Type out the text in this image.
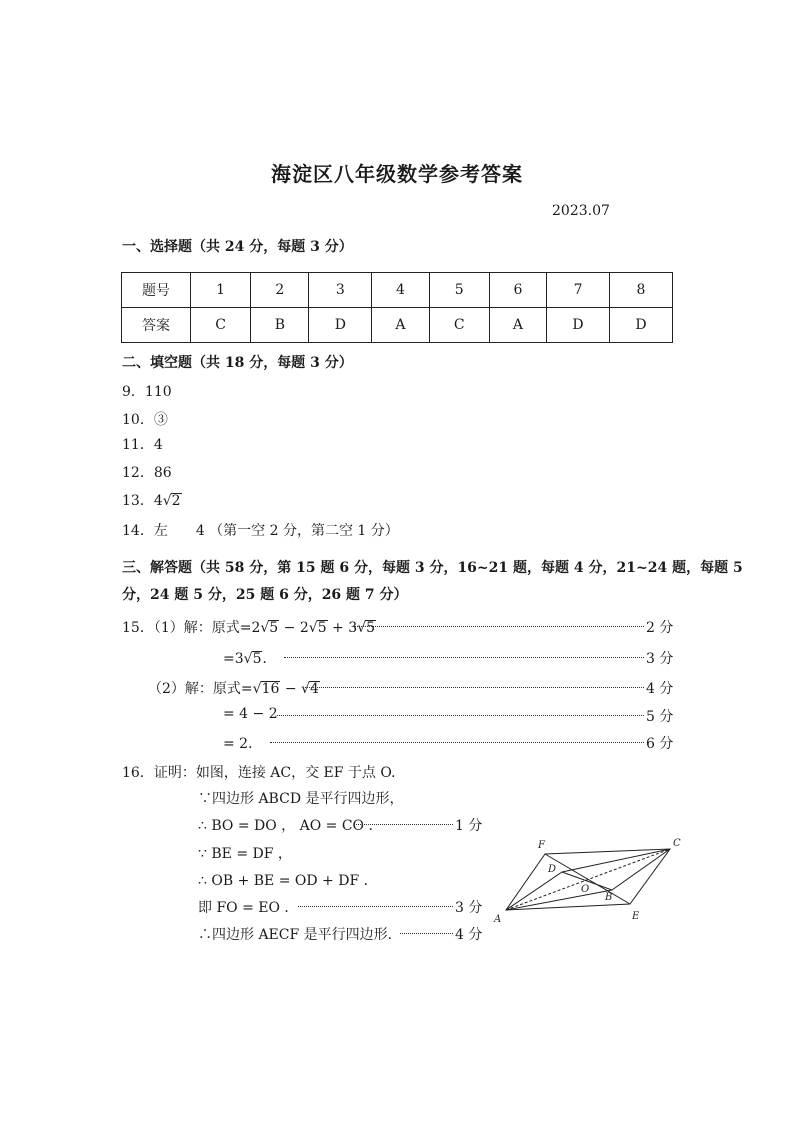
海淀区八年级数学参考答案
2023.07
一、选择题（共 24 分，每题 3 分）
题号	1	2	3	4	5	6	7	8
答案	C	B	D	A	C	A	D	D
二、填空题（共 18 分，每题 3 分）
9．110
10．③
11．4
12．86
13．4√2
14．左　　4 （第一空 2 分，第二空 1 分）
三、解答题（共 58 分，第 15 题 6 分，每题 3 分，16~21 题，每题 4 分，21~24 题，每题 5
分，24 题 5 分，25 题 6 分，26 题 7 分）
15．（1）解：原式=2√5 − 2√5 + 3√5	2 分
=3√5．	3 分
（2）解：原式=√16 − √4	4 分
= 4 − 2	5 分
= 2．	6 分
16．证明：如图，连接 AC，交 EF 于点 O.
∵四边形 ABCD 是平行四边形，
∴ BO = DO ， AO = CO ．	1 分
∵ BE = DF ，
∴ OB + BE = OD + DF ．
即 FO = EO ．	3 分
∴四边形 AECF 是平行四边形.	4 分
A
B
C
D
E
F
O
